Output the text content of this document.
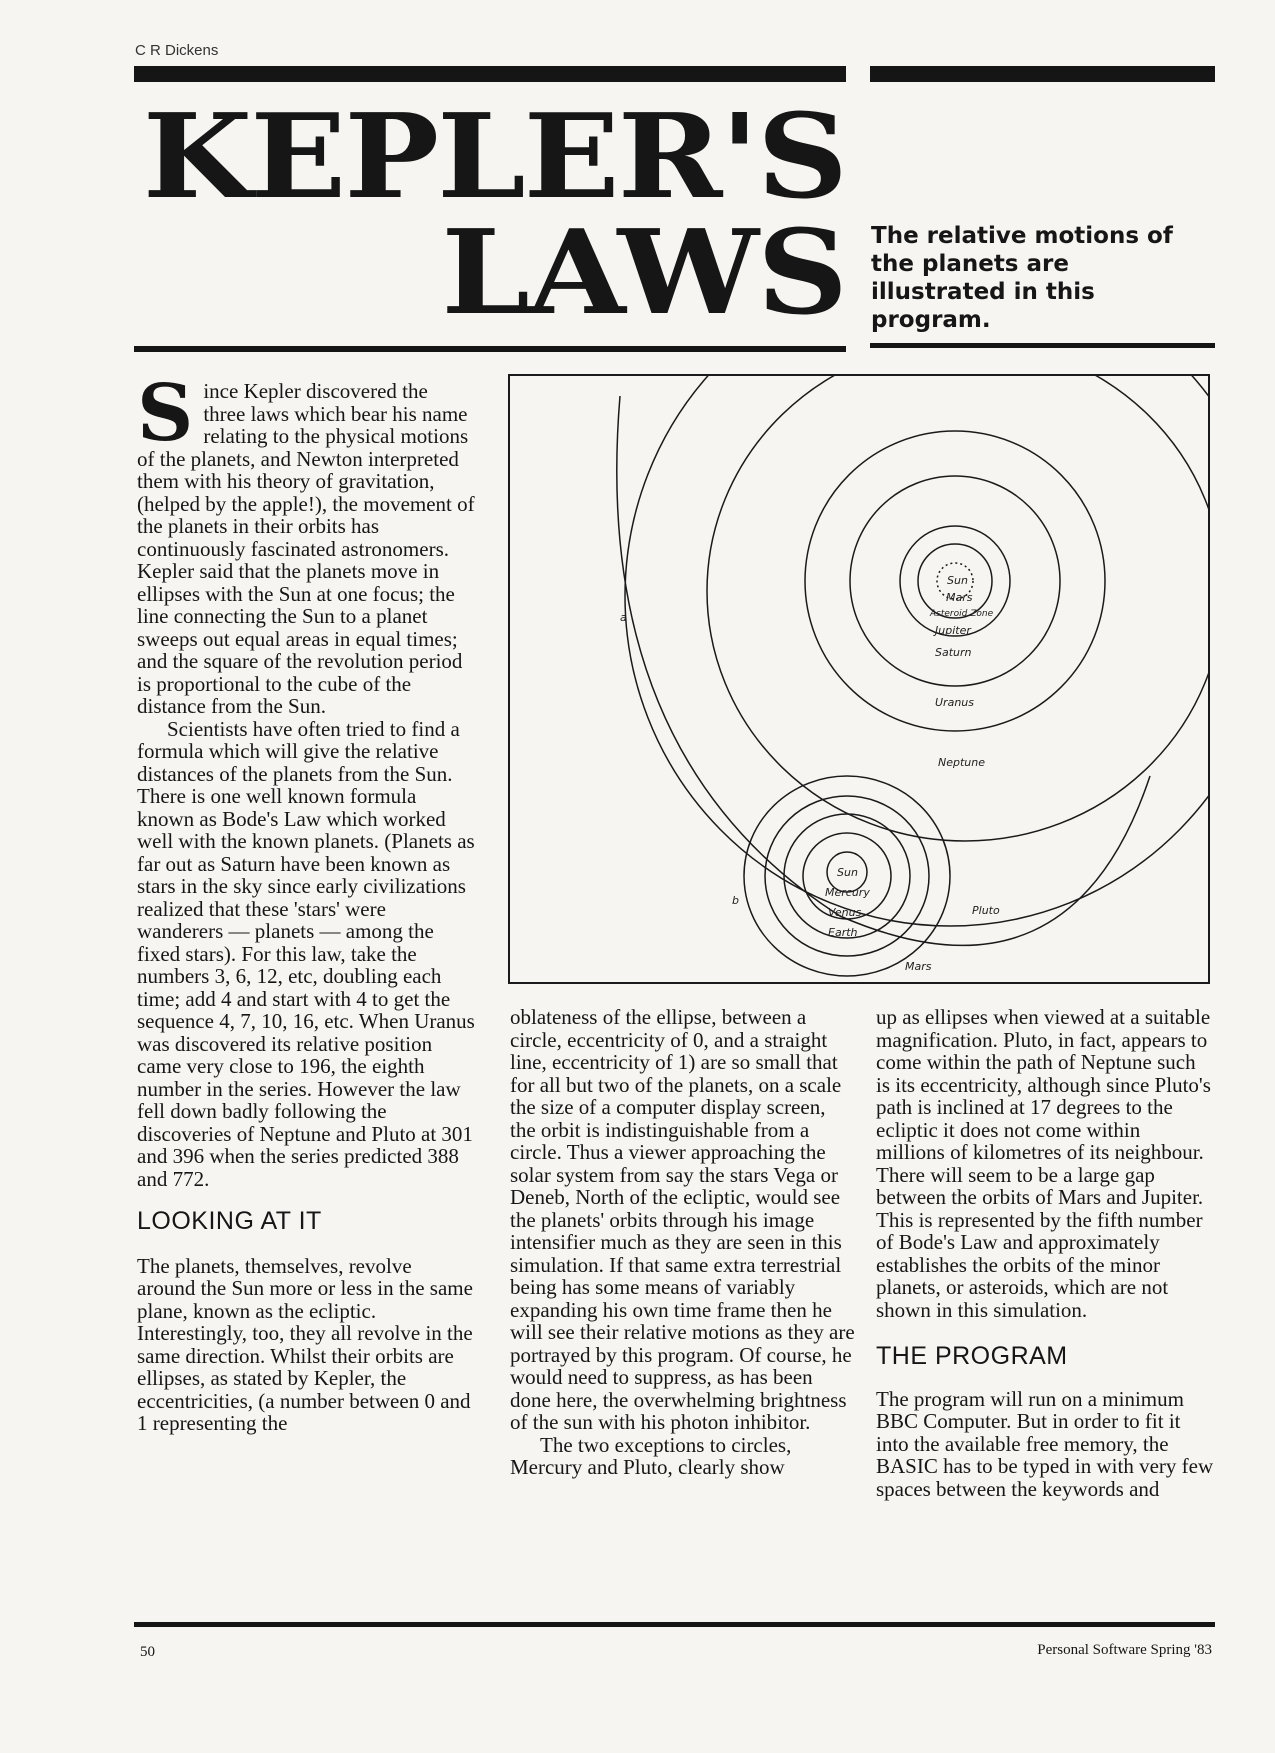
C R Dickens
KEPLER'S
LAWS The relative motions of the planets are illustrated in this program.
S ince Kepler discovered the three laws which bear his name relating to the physical motions of the planets, and Newton interpreted them with his theory of gravitation, (helped by the apple!), the movement of the planets in their orbits has continuously fascinated astronomers. Kepler said that the planets move in ellipses with the Sun at one focus; the line connecting the Sun to a planet sweeps out equal areas in equal times; and the square of the revolution period is proportional to the cube of the distance from the Sun.

Scientists have often tried to find a formula which will give the relative distances of the planets from the Sun. There is one well known formula known as Bode's Law which worked well with the known planets. (Planets as far out as Saturn have been known as stars in the sky since early civilizations realized that these 'stars' were wanderers — planets — among the fixed stars). For this law, take the numbers 3, 6, 12, etc, doubling each time; add 4 and start with 4 to get the sequence 4, 7, 10, 16, etc. When Uranus was discovered its relative position came very close to 196, the eighth number in the series. However the law fell down badly following the discoveries of Neptune and Pluto at 301 and 396 when the series predicted 388 and 772.

LOOKING AT IT

The planets, themselves, revolve around the Sun more or less in the same plane, known as the ecliptic. Interestingly, too, they all revolve in the same direction. Whilst their orbits are ellipses, as stated by Kepler, the eccentricities, (a number between 0 and 1 representing the

a
b
Sun
Mars
Asteroid Zone
Jupiter
Saturn
Uranus
Neptune
Sun
Mercury
Venus
Earth
Mars
Pluto

oblateness of the ellipse, between a circle, eccentricity of 0, and a straight line, eccentricity of 1) are so small that for all but two of the planets, on a scale the size of a computer display screen, the orbit is indistinguishable from a circle. Thus a viewer approaching the solar system from say the stars Vega or Deneb, North of the ecliptic, would see the planets' orbits through his image intensifier much as they are seen in this simulation. If that same extra terrestrial being has some means of variably expanding his own time frame then he will see their relative motions as they are portrayed by this program. Of course, he would need to suppress, as has been done here, the overwhelming brightness of the sun with his photon inhibitor.

The two exceptions to circles, Mercury and Pluto, clearly show

up as ellipses when viewed at a suitable magnification. Pluto, in fact, appears to come within the path of Neptune such is its eccentricity, although since Pluto's path is inclined at 17 degrees to the ecliptic it does not come within millions of kilometres of its neighbour. There will seem to be a large gap between the orbits of Mars and Jupiter. This is represented by the fifth number of Bode's Law and approximately establishes the orbits of the minor planets, or asteroids, which are not shown in this simulation.

THE PROGRAM

The program will run on a minimum BBC Computer. But in order to fit it into the available free memory, the BASIC has to be typed in with very few spaces between the keywords and

50	Personal Software Spring '83
